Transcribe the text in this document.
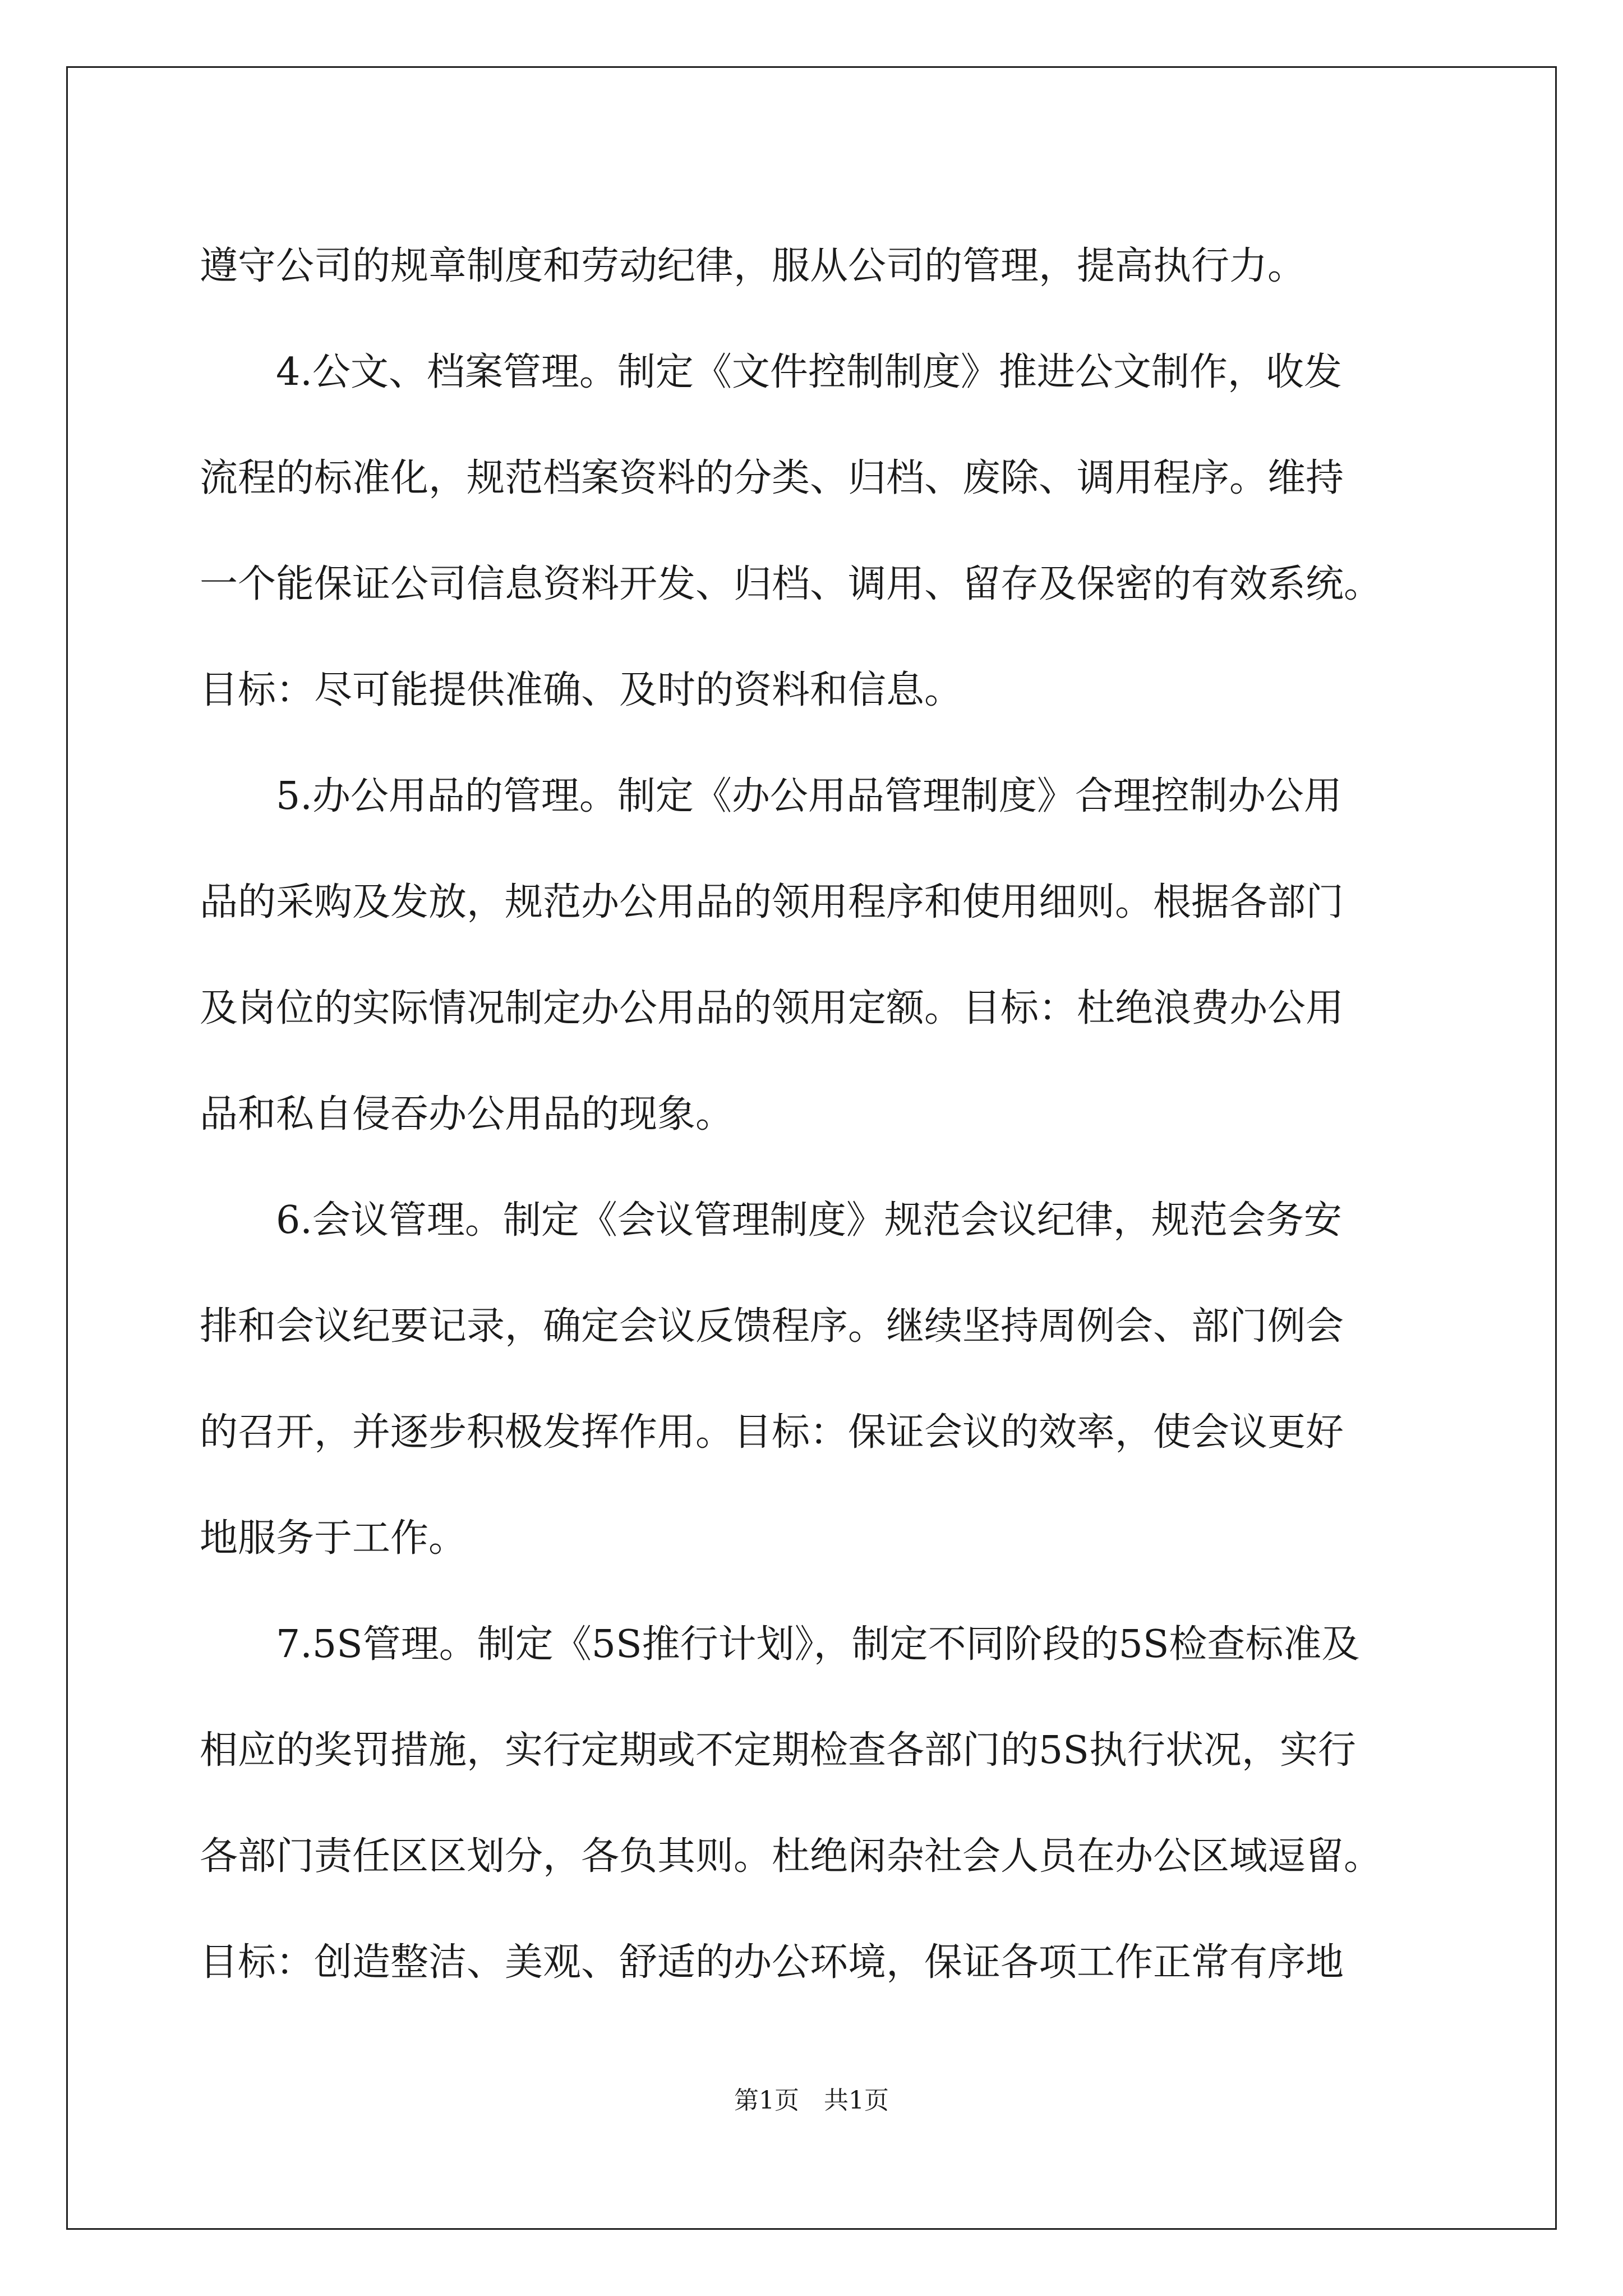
遵守公司的规章制度和劳动纪律，服从公司的管理，提高执行力。
　　4.公文、档案管理。制定《文件控制制度》推进公文制作，收发
流程的标准化，规范档案资料的分类、归档、废除、调用程序。维持
一个能保证公司信息资料开发、归档、调用、留存及保密的有效系统。
目标：尽可能提供准确、及时的资料和信息。
　　5.办公用品的管理。制定《办公用品管理制度》合理控制办公用
品的采购及发放，规范办公用品的领用程序和使用细则。根据各部门
及岗位的实际情况制定办公用品的领用定额。目标：杜绝浪费办公用
品和私自侵吞办公用品的现象。
　　6.会议管理。制定《会议管理制度》规范会议纪律，规范会务安
排和会议纪要记录，确定会议反馈程序。继续坚持周例会、部门例会
的召开，并逐步积极发挥作用。目标：保证会议的效率，使会议更好
地服务于工作。
　　7.5S管理。制定《5S推行计划》，制定不同阶段的5S检查标准及
相应的奖罚措施，实行定期或不定期检查各部门的5S执行状况，实行
各部门责任区区划分，各负其则。杜绝闲杂社会人员在办公区域逗留。
目标：创造整洁、美观、舒适的办公环境，保证各项工作正常有序地
第1页　共1页
